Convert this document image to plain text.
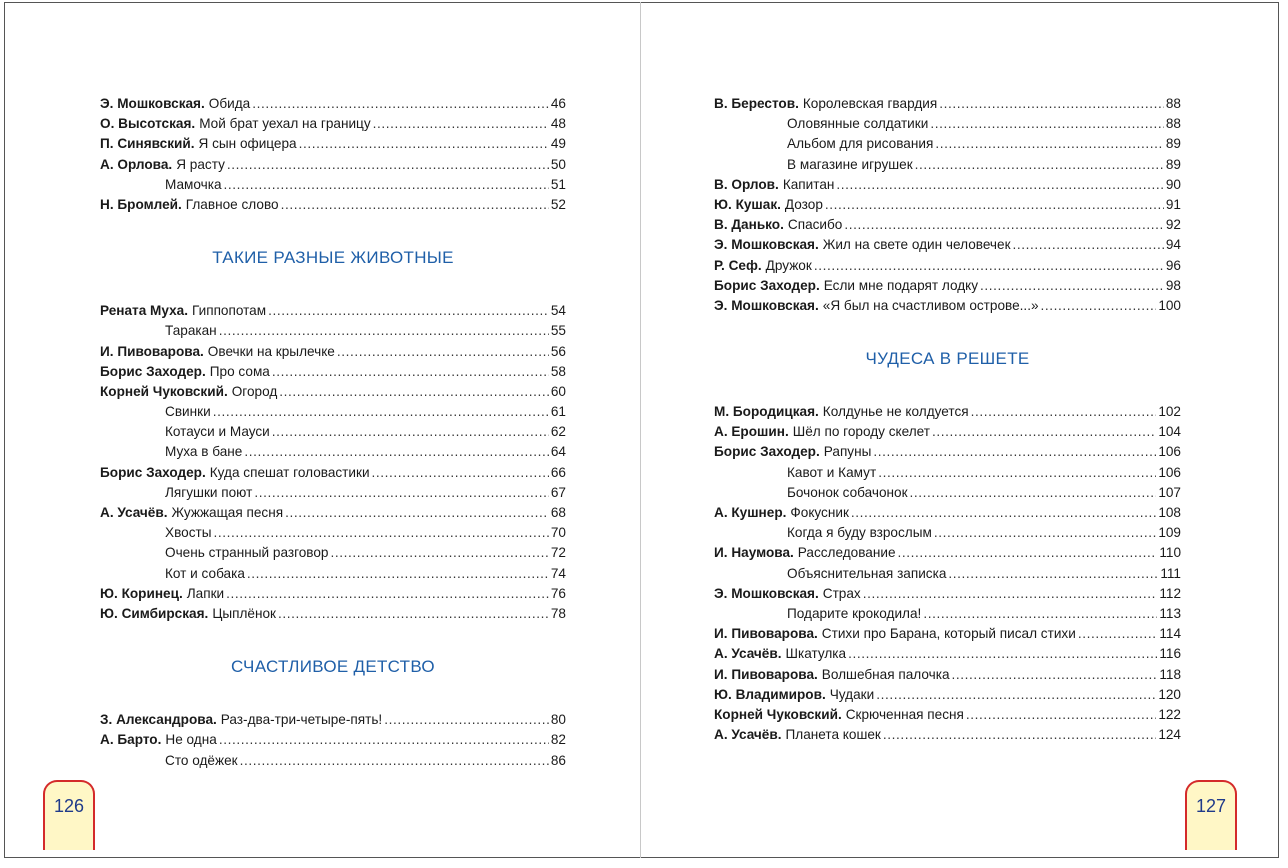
Э. Мошковская. Обида .....	46
О. Высотская. Мой брат уехал на границу .....	48
П. Синявский. Я сын офицера .....	49
А. Орлова. Я расту .....	50
Мамочка .....	51
Н. Бромлей. Главное слово .....	52
ТАКИЕ РАЗНЫЕ ЖИВОТНЫЕ
Рената Муха. Гиппопотам .....	54
Таракан .....	55
И. Пивоварова. Овечки на крылечке .....	56
Борис Заходер. Про сома .....	58
Корней Чуковский. Огород .....	60
Свинки .....	61
Котауси и Мауси .....	62
Муха в бане .....	64
Борис Заходер. Куда спешат головастики .....	66
Лягушки поют .....	67
А. Усачёв. Жужжащая песня .....	68
Хвосты .....	70
Очень странный разговор .....	72
Кот и собака .....	74
Ю. Коринец. Лапки .....	76
Ю. Симбирская. Цыплёнок .....	78
СЧАСТЛИВОЕ ДЕТСТВО
З. Александрова. Раз-два-три-четыре-пять! .....	80
А. Барто. Не одна .....	82
Сто одёжек .....	86
В. Берестов. Королевская гвардия .....	88
Оловянные солдатики .....	88
Альбом для рисования .....	89
В магазине игрушек .....	89
В. Орлов. Капитан .....	90
Ю. Кушак. Дозор .....	91
В. Данько. Спасибо .....	92
Э. Мошковская. Жил на свете один человечек .....	94
Р. Сеф. Дружок .....	96
Борис Заходер. Если мне подарят лодку .....	98
Э. Мошковская. «Я был на счастливом острове...» .....	100
ЧУДЕСА В РЕШЕТЕ
М. Бородицкая. Колдунье не колдуется .....	102
А. Ерошин. Шёл по городу скелет .....	104
Борис Заходер. Рапуны .....	106
Кавот и Камут .....	106
Бочонок собачонок .....	107
А. Кушнер. Фокусник .....	108
Когда я буду взрослым .....	109
И. Наумова. Расследование .....	110
Объяснительная записка .....	111
Э. Мошковская. Страх .....	112
Подарите крокодила! .....	113
И. Пивоварова. Стихи про Барана, который писал стихи .....	114
А. Усачёв. Шкатулка .....	116
И. Пивоварова. Волшебная палочка .....	118
Ю. Владимиров. Чудаки .....	120
Корней Чуковский. Скрюченная песня .....	122
А. Усачёв. Планета кошек .....	124
126	127
